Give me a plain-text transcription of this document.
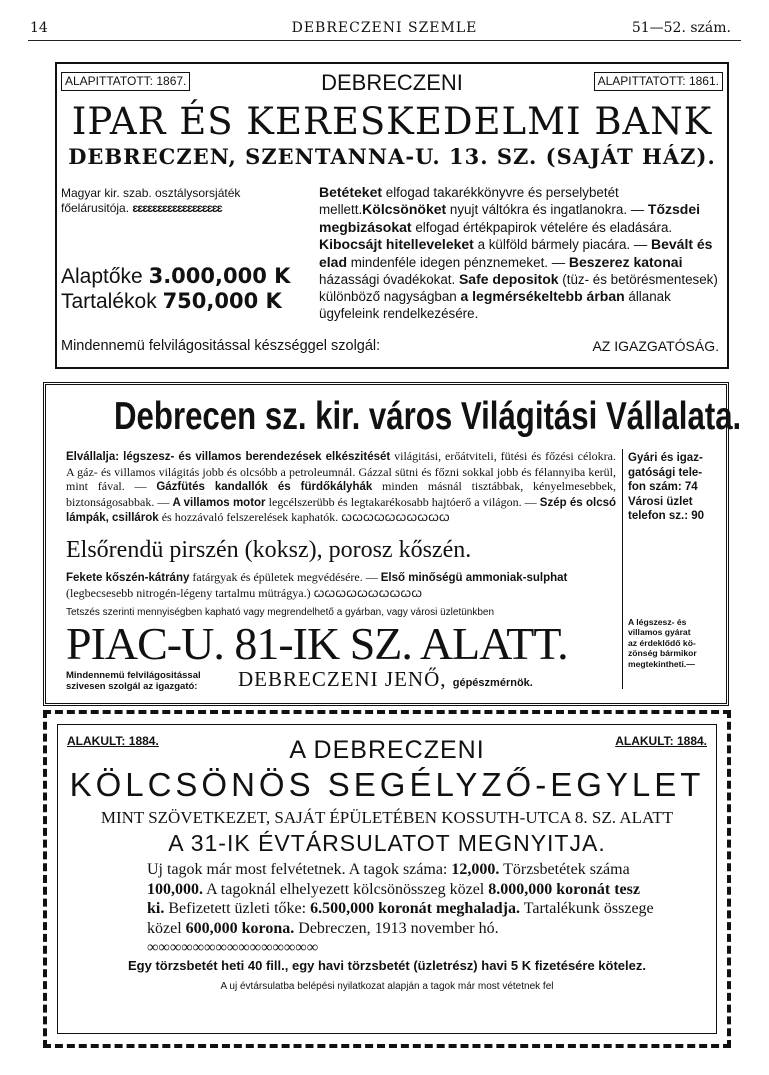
14	DEBRECZENI SZEMLE	51—52. szám.
ALAPITTATOTT: 1867.	ALAPITTATOTT: 1861.
DEBRECZENI
IPAR ÉS KERESKEDELMI BANK
DEBRECZEN, SZENTANNA-U. 13. SZ. (SAJÁT HÁZ).
Magyar kir. szab. osztálysorsjáték
főelárusitója. ɛɛɛɛɛɛɛɛɛɛɛɛɛɛɛɛɛɛ
Alaptőke 3.000,000 K
Tartalékok 750,000 K
Betéteket elfogad takarékkönyvre és perselybetét mellett.Kölcsönöket nyujt váltókra és ingatlanokra. — Tőzsdei megbizásokat elfogad értékpapirok vételére és eladására. Kibocsájt hitelleveleket a külföld bármely piacára. — Bevált és elad mindenféle idegen pénznemeket. — Beszerez katonai házassági óvadékokat. Safe depositok (tüz- és betörésmentesek) különböző nagyságban a legmérsékeltebb árban állanak ügyfeleink rendelkezésére.
Mindennemü felvilágositással készséggel szolgál:	AZ IGAZGATÓSÁG.
Debrecen sz. kir. város Világitási Vállalata.
Elvállalja: légszesz- és villamos berendezések elkészitését világitási, erőátviteli, fütési és főzési célokra. A gáz- és villamos világitás jobb és olcsóbb a petroleumnál. Gázzal sütni és főzni sokkal jobb és félannyiba kerül, mint fával. — Gázfütés kandallók és fürdőkályhák minden másnál tisztábbak, kényelmesebbek, biztonságosabbak. — A villamos motor legcélszerübb és legtakarékosabb hajtóerő a világon. — Szép és olcsó lámpák, csillárok és hozzávaló felszerelések kaphatók. ꞷꞷꞷꞷꞷꞷꞷꞷꞷꞷ
Elsőrendü pirszén (koksz), porosz kőszén.
Fekete kőszén-kátrány fatárgyak és épületek megvédésére. — Első minőségü ammoniak-sulphat (legbecsesebb nitrogén-légeny tartalmu mütrágya.) ꞷꞷꞷꞷꞷꞷꞷꞷꞷꞷ
Tetszés szerinti mennyiségben kapható vagy megrendelhető a gyárban, vagy városi üzletünkben
PIAC-U. 81-IK SZ. ALATT.
Mindennemü felvilágositással
szivesen szolgál az igazgató: DEBRECZENI JENŐ, gépészmérnök.
Gyári és igaz-
gatósági tele-
fon szám: 74
Városi üzlet
telefon sz.: 90
A légszesz- és
villamos gyárat
az érdeklődő kö-
zönség bármikor
megtekintheti.—
ALAKULT: 1884.	ALAKULT: 1884.
A DEBRECZENI
KÖLCSÖNÖS SEGÉLYZŐ-EGYLET
MINT SZÖVETKEZET, SAJÁT ÉPÜLETÉBEN KOSSUTH-UTCA 8. SZ. ALATT
A 31-IK ÉVTÁRSULATOT MEGNYITJA.
Uj tagok már most felvétetnek. A tagok száma: 12,000. Törzsbetétek száma 100,000. A tagoknál elhelyezett kölcsönösszeg közel 8.000,000 koronát tesz ki. Befizetett üzleti tőke: 6.500,000 koronát meghaladja. Tartalékunk összege közel 600,000 korona. Debreczen, 1913 november hó. ∞∞∞∞∞∞∞∞∞∞∞∞∞∞∞
Egy törzsbetét heti 40 fill., egy havi törzsbetét (üzletrész) havi 5 K fizetésére kötelez.
A uj évtársulatba belépési nyilatkozat alapján a tagok már most vétetnek fel
